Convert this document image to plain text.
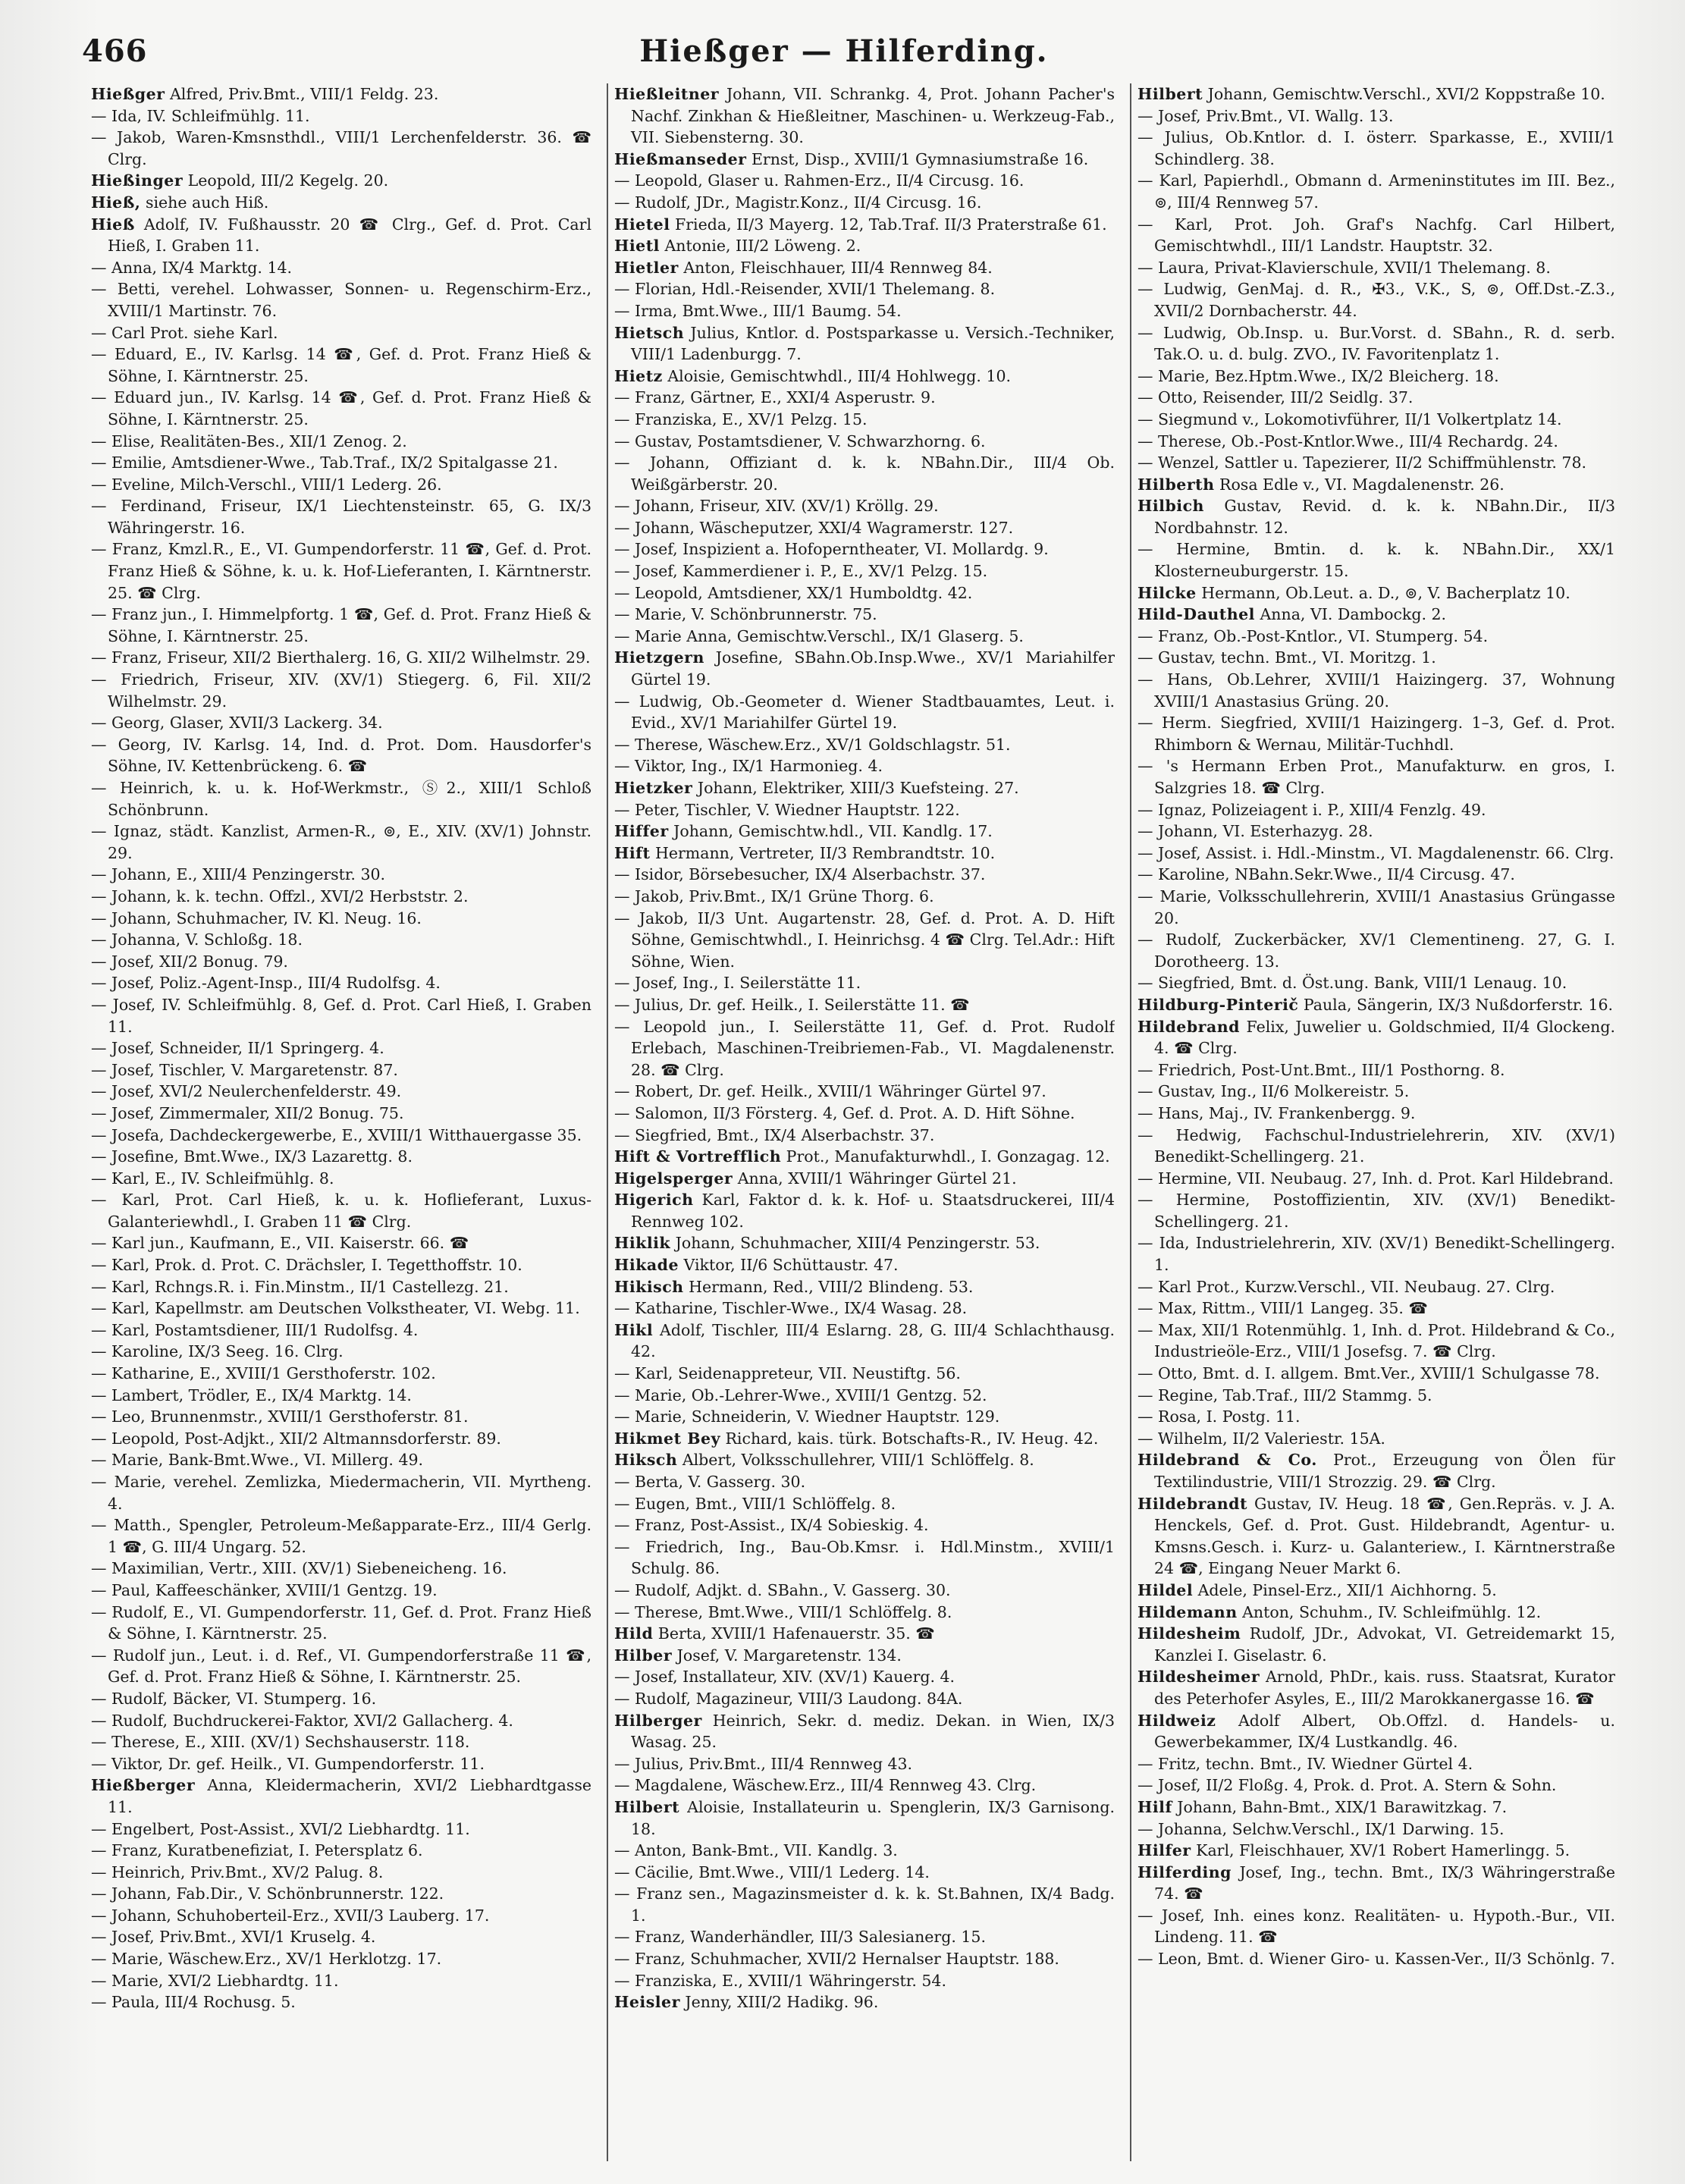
466	Hießger — Hilferding.

Hießger Alfred, Priv.Bmt., VIII/1 Feldg. 23.

— Ida, IV. Schleifmühlg. 11.

— Jakob, Waren-Kmsnsthdl., VIII/1 Lerchenfelderstr. 36. ☎ Clrg.

Hießinger Leopold, III/2 Kegelg. 20.

Hieß, siehe auch Hiß.

Hieß Adolf, IV. Fußhausstr. 20 ☎ Clrg., Gef. d. Prot. Carl Hieß, I. Graben 11.

— Anna, IX/4 Marktg. 14.

— Betti, verehel. Lohwasser, Sonnen- u. Regenschirm-Erz., XVIII/1 Martinstr. 76.

— Carl Prot. siehe Karl.

— Eduard, E., IV. Karlsg. 14 ☎, Gef. d. Prot. Franz Hieß & Söhne, I. Kärntnerstr. 25.

— Eduard jun., IV. Karlsg. 14 ☎, Gef. d. Prot. Franz Hieß & Söhne, I. Kärntnerstr. 25.

— Elise, Realitäten-Bes., XII/1 Zenog. 2.

— Emilie, Amtsdiener-Wwe., Tab.Traf., IX/2 Spitalgasse 21.

— Eveline, Milch-Verschl., VIII/1 Lederg. 26.

— Ferdinand, Friseur, IX/1 Liechtensteinstr. 65, G. IX/3 Währingerstr. 16.

— Franz, Kmzl.R., E., VI. Gumpendorferstr. 11 ☎, Gef. d. Prot. Franz Hieß & Söhne, k. u. k. Hof-Lieferanten, I. Kärntnerstr. 25. ☎ Clrg.

— Franz jun., I. Himmelpfortg. 1 ☎, Gef. d. Prot. Franz Hieß & Söhne, I. Kärntnerstr. 25.

— Franz, Friseur, XII/2 Bierthalerg. 16, G. XII/2 Wilhelmstr. 29.

— Friedrich, Friseur, XIV. (XV/1) Stiegerg. 6, Fil. XII/2 Wilhelmstr. 29.

— Georg, Glaser, XVII/3 Lackerg. 34.

— Georg, IV. Karlsg. 14, Ind. d. Prot. Dom. Hausdorfer's Söhne, IV. Kettenbrückeng. 6. ☎

— Heinrich, k. u. k. Hof-Werkmstr., Ⓢ2., XIII/1 Schloß Schönbrunn.

— Ignaz, städt. Kanzlist, Armen-R., ⊚, E., XIV. (XV/1) Johnstr. 29.

— Johann, E., XIII/4 Penzingerstr. 30.

— Johann, k. k. techn. Offzl., XVI/2 Herbststr. 2.

— Johann, Schuhmacher, IV. Kl. Neug. 16.

— Johanna, V. Schloßg. 18.

— Josef, XII/2 Bonug. 79.

— Josef, Poliz.-Agent-Insp., III/4 Rudolfsg. 4.

— Josef, IV. Schleifmühlg. 8, Gef. d. Prot. Carl Hieß, I. Graben 11.

— Josef, Schneider, II/1 Springerg. 4.

— Josef, Tischler, V. Margaretenstr. 87.

— Josef, XVI/2 Neulerchenfelderstr. 49.

— Josef, Zimmermaler, XII/2 Bonug. 75.

— Josefa, Dachdeckergewerbe, E., XVIII/1 Witthauergasse 35.

— Josefine, Bmt.Wwe., IX/3 Lazarettg. 8.

— Karl, E., IV. Schleifmühlg. 8.

— Karl, Prot. Carl Hieß, k. u. k. Hoflieferant, Luxus-Galanteriewhdl., I. Graben 11 ☎ Clrg.

— Karl jun., Kaufmann, E., VII. Kaiserstr. 66. ☎

— Karl, Prok. d. Prot. C. Drächsler, I. Tegetthoffstr. 10.

— Karl, Rchngs.R. i. Fin.Minstm., II/1 Castellezg. 21.

— Karl, Kapellmstr. am Deutschen Volkstheater, VI. Webg. 11.

— Karl, Postamtsdiener, III/1 Rudolfsg. 4.

— Karoline, IX/3 Seeg. 16. Clrg.

— Katharine, E., XVIII/1 Gersthoferstr. 102.

— Lambert, Trödler, E., IX/4 Marktg. 14.

— Leo, Brunnenmstr., XVIII/1 Gersthoferstr. 81.

— Leopold, Post-Adjkt., XII/2 Altmannsdorferstr. 89.

— Marie, Bank-Bmt.Wwe., VI. Millerg. 49.

— Marie, verehel. Zemlizka, Miedermacherin, VII. Myrtheng. 4.

— Matth., Spengler, Petroleum-Meßapparate-Erz., III/4 Gerlg. 1 ☎, G. III/4 Ungarg. 52.

— Maximilian, Vertr., XIII. (XV/1) Siebeneicheng. 16.

— Paul, Kaffeeschänker, XVIII/1 Gentzg. 19.

— Rudolf, E., VI. Gumpendorferstr. 11, Gef. d. Prot. Franz Hieß & Söhne, I. Kärntnerstr. 25.

— Rudolf jun., Leut. i. d. Ref., VI. Gumpendorferstraße 11 ☎, Gef. d. Prot. Franz Hieß & Söhne, I. Kärntnerstr. 25.

— Rudolf, Bäcker, VI. Stumperg. 16.

— Rudolf, Buchdruckerei-Faktor, XVI/2 Gallacherg. 4.

— Therese, E., XIII. (XV/1) Sechshauserstr. 118.

— Viktor, Dr. gef. Heilk., VI. Gumpendorferstr. 11.

Hießberger Anna, Kleidermacherin, XVI/2 Liebhardtgasse 11.

— Engelbert, Post-Assist., XVI/2 Liebhardtg. 11.

— Franz, Kuratbenefiziat, I. Petersplatz 6.

— Heinrich, Priv.Bmt., XV/2 Palug. 8.

— Johann, Fab.Dir., V. Schönbrunnerstr. 122.

— Johann, Schuhoberteil-Erz., XVII/3 Lauberg. 17.

— Josef, Priv.Bmt., XVI/1 Kruselg. 4.

— Marie, Wäschew.Erz., XV/1 Herklotzg. 17.

— Marie, XVI/2 Liebhardtg. 11.

— Paula, III/4 Rochusg. 5.

Hießleitner Johann, VII. Schrankg. 4, Prot. Johann Pacher's Nachf. Zinkhan & Hießleitner, Maschinen- u. Werkzeug-Fab., VII. Siebensterng. 30.

Hießmanseder Ernst, Disp., XVIII/1 Gymnasiumstraße 16.

— Leopold, Glaser u. Rahmen-Erz., II/4 Circusg. 16.

— Rudolf, JDr., Magistr.Konz., II/4 Circusg. 16.

Hietel Frieda, II/3 Mayerg. 12, Tab.Traf. II/3 Praterstraße 61.

Hietl Antonie, III/2 Löweng. 2.

Hietler Anton, Fleischhauer, III/4 Rennweg 84.

— Florian, Hdl.-Reisender, XVII/1 Thelemang. 8.

— Irma, Bmt.Wwe., III/1 Baumg. 54.

Hietsch Julius, Kntlor. d. Postsparkasse u. Versich.-Techniker, VIII/1 Ladenburgg. 7.

Hietz Aloisie, Gemischtwhdl., III/4 Hohlwegg. 10.

— Franz, Gärtner, E., XXI/4 Asperustr. 9.

— Franziska, E., XV/1 Pelzg. 15.

— Gustav, Postamtsdiener, V. Schwarzhorng. 6.

— Johann, Offiziant d. k. k. NBahn.Dir., III/4 Ob. Weißgärberstr. 20.

— Johann, Friseur, XIV. (XV/1) Kröllg. 29.

— Johann, Wäscheputzer, XXI/4 Wagramerstr. 127.

— Josef, Inspizient a. Hofoperntheater, VI. Mollardg. 9.

— Josef, Kammerdiener i. P., E., XV/1 Pelzg. 15.

— Leopold, Amtsdiener, XX/1 Humboldtg. 42.

— Marie, V. Schönbrunnerstr. 75.

— Marie Anna, Gemischtw.Verschl., IX/1 Glaserg. 5.

Hietzgern Josefine, SBahn.Ob.Insp.Wwe., XV/1 Mariahilfer Gürtel 19.

— Ludwig, Ob.-Geometer d. Wiener Stadtbauamtes, Leut. i. Evid., XV/1 Mariahilfer Gürtel 19.

— Therese, Wäschew.Erz., XV/1 Goldschlagstr. 51.

— Viktor, Ing., IX/1 Harmonieg. 4.

Hietzker Johann, Elektriker, XIII/3 Kuefsteing. 27.

— Peter, Tischler, V. Wiedner Hauptstr. 122.

Hiffer Johann, Gemischtw.hdl., VII. Kandlg. 17.

Hift Hermann, Vertreter, II/3 Rembrandtstr. 10.

— Isidor, Börsebesucher, IX/4 Alserbachstr. 37.

— Jakob, Priv.Bmt., IX/1 Grüne Thorg. 6.

— Jakob, II/3 Unt. Augartenstr. 28, Gef. d. Prot. A. D. Hift Söhne, Gemischtwhdl., I. Heinrichsg. 4 ☎ Clrg. Tel.Adr.: Hift Söhne, Wien.

— Josef, Ing., I. Seilerstätte 11.

— Julius, Dr. gef. Heilk., I. Seilerstätte 11. ☎

— Leopold jun., I. Seilerstätte 11, Gef. d. Prot. Rudolf Erlebach, Maschinen-Treibriemen-Fab., VI. Magdalenenstr. 28. ☎ Clrg.

— Robert, Dr. gef. Heilk., XVIII/1 Währinger Gürtel 97.

— Salomon, II/3 Försterg. 4, Gef. d. Prot. A. D. Hift Söhne.

— Siegfried, Bmt., IX/4 Alserbachstr. 37.

Hift & Vortrefflich Prot., Manufakturwhdl., I. Gonzagag. 12.

Higelsperger Anna, XVIII/1 Währinger Gürtel 21.

Higerich Karl, Faktor d. k. k. Hof- u. Staatsdruckerei, III/4 Rennweg 102.

Hiklik Johann, Schuhmacher, XIII/4 Penzingerstr. 53.

Hikade Viktor, II/6 Schüttaustr. 47.

Hikisch Hermann, Red., VIII/2 Blindeng. 53.

— Katharine, Tischler-Wwe., IX/4 Wasag. 28.

Hikl Adolf, Tischler, III/4 Eslarng. 28, G. III/4 Schlachthausg. 42.

— Karl, Seidenappreteur, VII. Neustiftg. 56.

— Marie, Ob.-Lehrer-Wwe., XVIII/1 Gentzg. 52.

— Marie, Schneiderin, V. Wiedner Hauptstr. 129.

Hikmet Bey Richard, kais. türk. Botschafts-R., IV. Heug. 42.

Hiksch Albert, Volksschullehrer, VIII/1 Schlöffelg. 8.

— Berta, V. Gasserg. 30.

— Eugen, Bmt., VIII/1 Schlöffelg. 8.

— Franz, Post-Assist., IX/4 Sobieskig. 4.

— Friedrich, Ing., Bau-Ob.Kmsr. i. Hdl.Minstm., XVIII/1 Schulg. 86.

— Rudolf, Adjkt. d. SBahn., V. Gasserg. 30.

— Therese, Bmt.Wwe., VIII/1 Schlöffelg. 8.

Hild Berta, XVIII/1 Hafenauerstr. 35. ☎

Hilber Josef, V. Margaretenstr. 134.

— Josef, Installateur, XIV. (XV/1) Kauerg. 4.

— Rudolf, Magazineur, VIII/3 Laudong. 84A.

Hilberger Heinrich, Sekr. d. mediz. Dekan. in Wien, IX/3 Wasag. 25.

— Julius, Priv.Bmt., III/4 Rennweg 43.

— Magdalene, Wäschew.Erz., III/4 Rennweg 43. Clrg.

Hilbert Aloisie, Installateurin u. Spenglerin, IX/3 Garnisong. 18.

— Anton, Bank-Bmt., VII. Kandlg. 3.

— Cäcilie, Bmt.Wwe., VIII/1 Lederg. 14.

— Franz sen., Magazinsmeister d. k. k. St.Bahnen, IX/4 Badg. 1.

— Franz, Wanderhändler, III/3 Salesianerg. 15.

— Franz, Schuhmacher, XVII/2 Hernalser Hauptstr. 188.

— Franziska, E., XVIII/1 Währingerstr. 54.

Heisler Jenny, XIII/2 Hadikg. 96.

Hilbert Johann, Gemischtw.Verschl., XVI/2 Koppstraße 10.

— Josef, Priv.Bmt., VI. Wallg. 13.

— Julius, Ob.Kntlor. d. I. österr. Sparkasse, E., XVIII/1 Schindlerg. 38.

— Karl, Papierhdl., Obmann d. Armeninstitutes im III. Bez., ⊚, III/4 Rennweg 57.

— Karl, Prot. Joh. Graf's Nachfg. Carl Hilbert, Gemischtwhdl., III/1 Landstr. Hauptstr. 32.

— Laura, Privat-Klavierschule, XVII/1 Thelemang. 8.

— Ludwig, GenMaj. d. R., ✠3., V.K., S, ⊚, Off.Dst.-Z.3., XVII/2 Dornbacherstr. 44.

— Ludwig, Ob.Insp. u. Bur.Vorst. d. SBahn., R. d. serb. Tak.O. u. d. bulg. ZVO., IV. Favoritenplatz 1.

— Marie, Bez.Hptm.Wwe., IX/2 Bleicherg. 18.

— Otto, Reisender, III/2 Seidlg. 37.

— Siegmund v., Lokomotivführer, II/1 Volkertplatz 14.

— Therese, Ob.-Post-Kntlor.Wwe., III/4 Rechardg. 24.

— Wenzel, Sattler u. Tapezierer, II/2 Schiffmühlenstr. 78.

Hilberth Rosa Edle v., VI. Magdalenenstr. 26.

Hilbich Gustav, Revid. d. k. k. NBahn.Dir., II/3 Nordbahnstr. 12.

— Hermine, Bmtin. d. k. k. NBahn.Dir., XX/1 Klosterneuburgerstr. 15.

Hilcke Hermann, Ob.Leut. a. D., ⊚, V. Bacherplatz 10.

Hild-Dauthel Anna, VI. Dambockg. 2.

— Franz, Ob.-Post-Kntlor., VI. Stumperg. 54.

— Gustav, techn. Bmt., VI. Moritzg. 1.

— Hans, Ob.Lehrer, XVIII/1 Haizingerg. 37, Wohnung XVIII/1 Anastasius Grüng. 20.

— Herm. Siegfried, XVIII/1 Haizingerg. 1–3, Gef. d. Prot. Rhimborn & Wernau, Militär-Tuchhdl.

— 's Hermann Erben Prot., Manufakturw. en gros, I. Salzgries 18. ☎ Clrg.

— Ignaz, Polizeiagent i. P., XIII/4 Fenzlg. 49.

— Johann, VI. Esterhazyg. 28.

— Josef, Assist. i. Hdl.-Minstm., VI. Magdalenenstr. 66. Clrg.

— Karoline, NBahn.Sekr.Wwe., II/4 Circusg. 47.

— Marie, Volksschullehrerin, XVIII/1 Anastasius Grüngasse 20.

— Rudolf, Zuckerbäcker, XV/1 Clementineng. 27, G. I. Dorotheerg. 13.

— Siegfried, Bmt. d. Öst.ung. Bank, VIII/1 Lenaug. 10.

Hildburg-Pinterič Paula, Sängerin, IX/3 Nußdorferstr. 16.

Hildebrand Felix, Juwelier u. Goldschmied, II/4 Glockeng. 4. ☎ Clrg.

— Friedrich, Post-Unt.Bmt., III/1 Posthorng. 8.

— Gustav, Ing., II/6 Molkereistr. 5.

— Hans, Maj., IV. Frankenbergg. 9.

— Hedwig, Fachschul-Industrielehrerin, XIV. (XV/1) Benedikt-Schellingerg. 21.

— Hermine, VII. Neubaug. 27, Inh. d. Prot. Karl Hildebrand.

— Hermine, Postoffizientin, XIV. (XV/1) Benedikt-Schellingerg. 21.

— Ida, Industrielehrerin, XIV. (XV/1) Benedikt-Schellingerg. 1.

— Karl Prot., Kurzw.Verschl., VII. Neubaug. 27. Clrg.

— Max, Rittm., VIII/1 Langeg. 35. ☎

— Max, XII/1 Rotenmühlg. 1, Inh. d. Prot. Hildebrand & Co., Industrieöle-Erz., VIII/1 Josefsg. 7. ☎ Clrg.

— Otto, Bmt. d. I. allgem. Bmt.Ver., XVIII/1 Schulgasse 78.

— Regine, Tab.Traf., III/2 Stammg. 5.

— Rosa, I. Postg. 11.

— Wilhelm, II/2 Valeriestr. 15A.

Hildebrand & Co. Prot., Erzeugung von Ölen für Textilindustrie, VIII/1 Strozzig. 29. ☎ Clrg.

Hildebrandt Gustav, IV. Heug. 18 ☎, Gen.Repräs. v. J. A. Henckels, Gef. d. Prot. Gust. Hildebrandt, Agentur- u. Kmsns.Gesch. i. Kurz- u. Galanteriew., I. Kärntnerstraße 24 ☎, Eingang Neuer Markt 6.

Hildel Adele, Pinsel-Erz., XII/1 Aichhorng. 5.

Hildemann Anton, Schuhm., IV. Schleifmühlg. 12.

Hildesheim Rudolf, JDr., Advokat, VI. Getreidemarkt 15, Kanzlei I. Giselastr. 6.

Hildesheimer Arnold, PhDr., kais. russ. Staatsrat, Kurator des Peterhofer Asyles, E., III/2 Marokkanergasse 16. ☎

Hildweiz Adolf Albert, Ob.Offzl. d. Handels- u. Gewerbekammer, IX/4 Lustkandlg. 46.

— Fritz, techn. Bmt., IV. Wiedner Gürtel 4.

— Josef, II/2 Floßg. 4, Prok. d. Prot. A. Stern & Sohn.

Hilf Johann, Bahn-Bmt., XIX/1 Barawitzkag. 7.

— Johanna, Selchw.Verschl., IX/1 Darwing. 15.

Hilfer Karl, Fleischhauer, XV/1 Robert Hamerlingg. 5.

Hilferding Josef, Ing., techn. Bmt., IX/3 Währingerstraße 74. ☎

— Josef, Inh. eines konz. Realitäten- u. Hypoth.-Bur., VII. Lindeng. 11. ☎

— Leon, Bmt. d. Wiener Giro- u. Kassen-Ver., II/3 Schönlg. 7.
